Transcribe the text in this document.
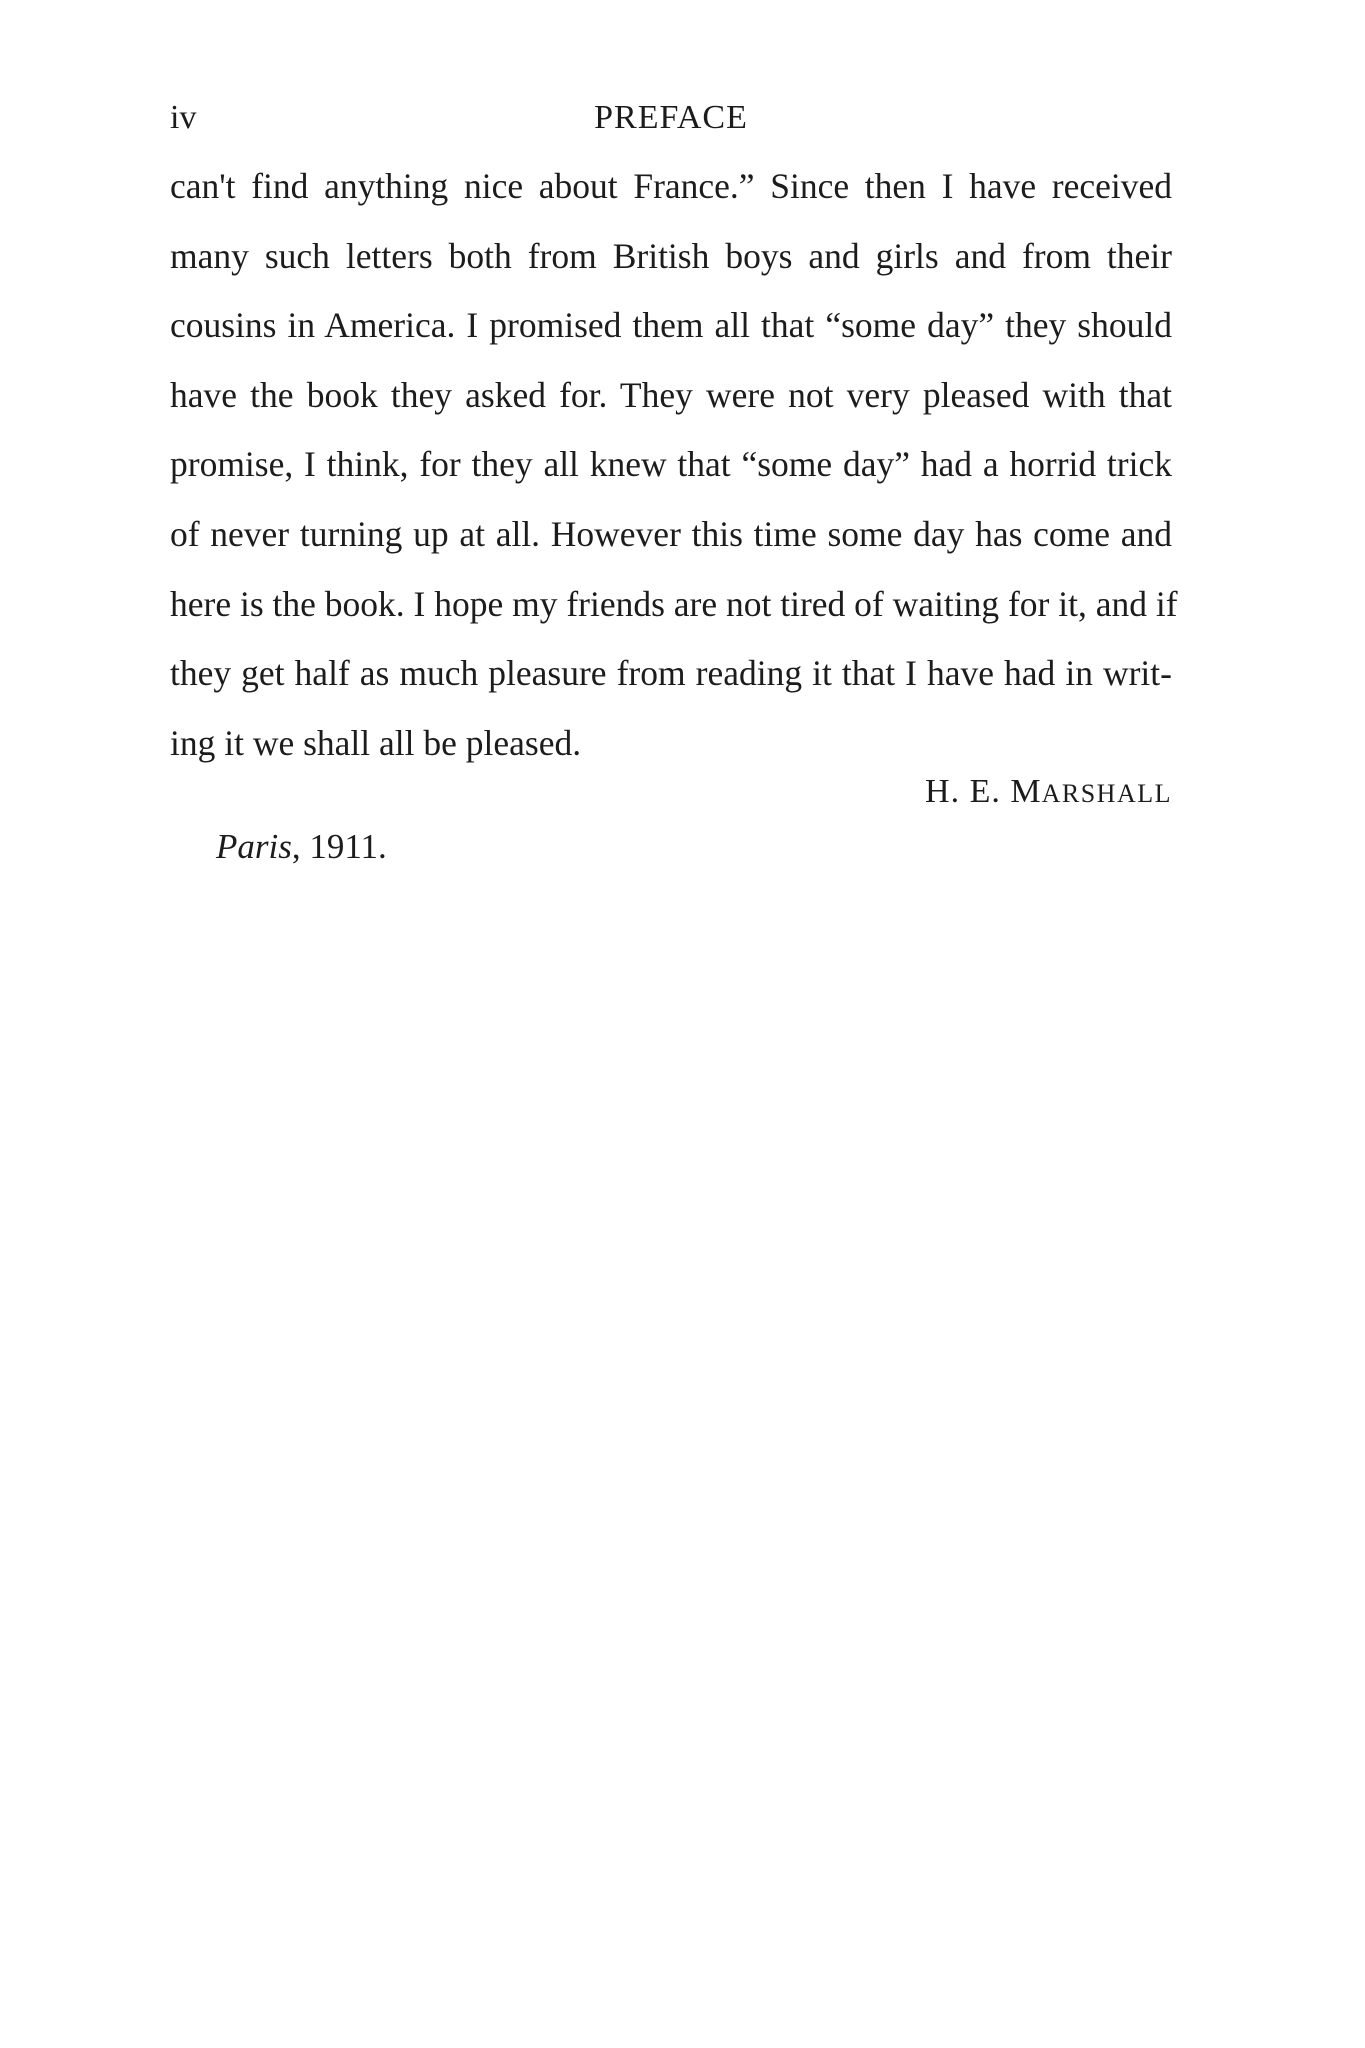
iv	PREFACE
can't find anything nice about France.” Since then I have received
many such letters both from British boys and girls and from their
cousins in America. I promised them all that “some day” they should
have the book they asked for. They were not very pleased with that
promise, I think, for they all knew that “some day” had a horrid trick
of never turning up at all. However this time some day has come and
here is the book. I hope my friends are not tired of waiting for it, and if
they get half as much pleasure from reading it that I have had in writ-
ing it we shall all be pleased.
H. E. MARSHALL
Paris, 1911.
